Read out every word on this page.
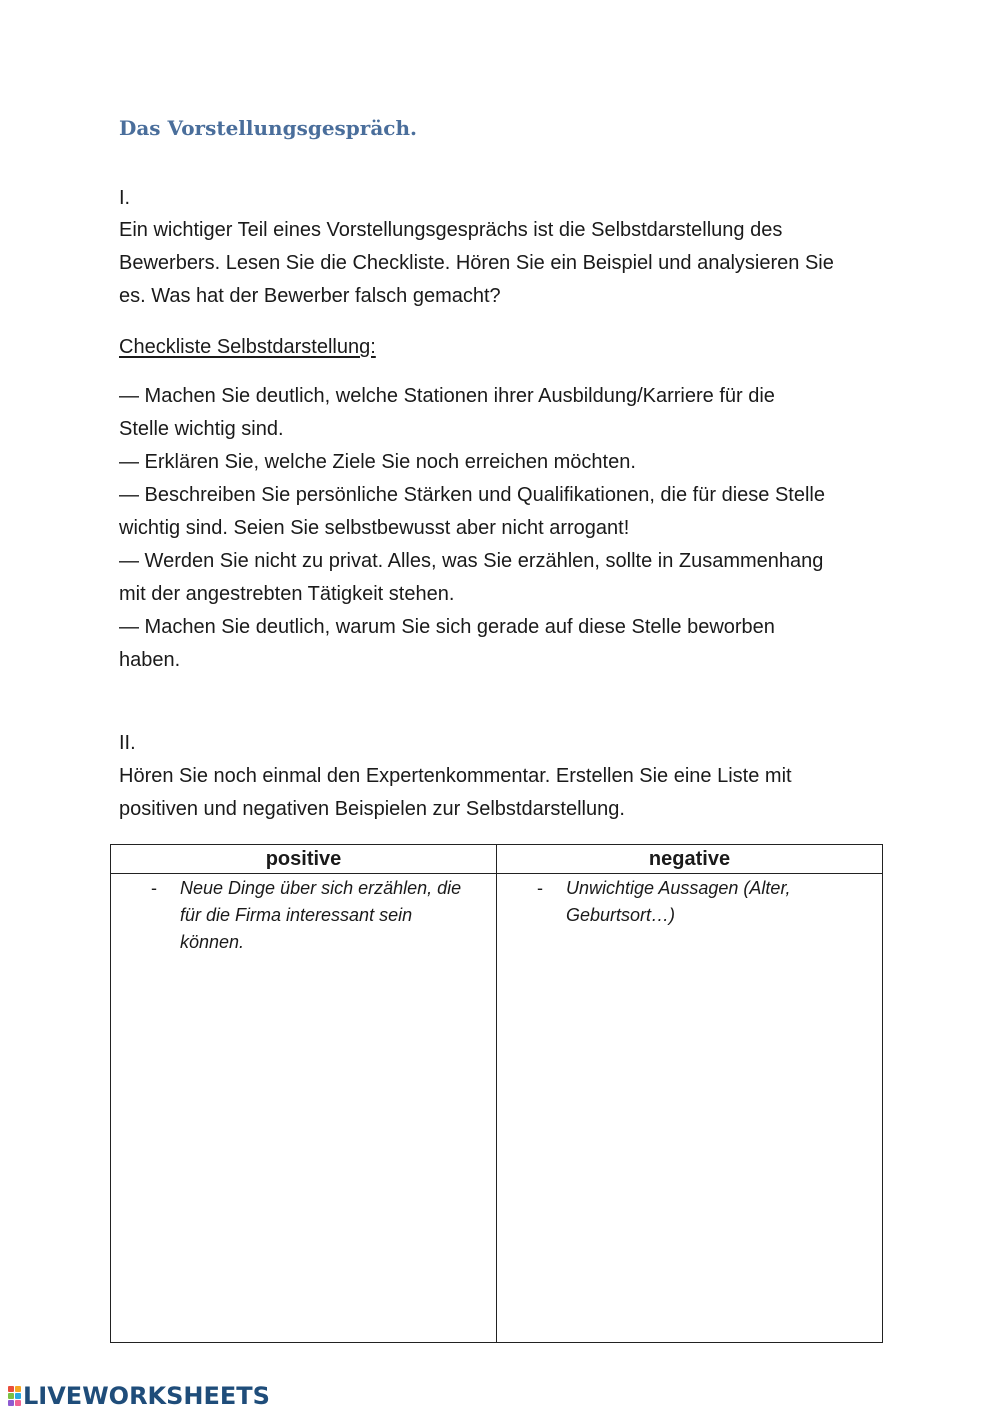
Das Vorstellungsgespräch.

I.

Ein wichtiger Teil eines Vorstellungsgesprächs ist die Selbstdarstellung des

Bewerbers. Lesen Sie die Checkliste. Hören Sie ein Beispiel und analysieren Sie

es. Was hat der Bewerber falsch gemacht?

Checkliste Selbstdarstellung:

— Machen Sie deutlich, welche Stationen ihrer Ausbildung/Karriere für die

Stelle wichtig sind.

— Erklären Sie, welche Ziele Sie noch erreichen möchten.

— Beschreiben Sie persönliche Stärken und Qualifikationen, die für diese Stelle

wichtig sind. Seien Sie selbstbewusst aber nicht arrogant!

— Werden Sie nicht zu privat. Alles, was Sie erzählen, sollte in Zusammenhang

mit der angestrebten Tätigkeit stehen.

— Machen Sie deutlich, warum Sie sich gerade auf diese Stelle beworben

haben.

II.

Hören Sie noch einmal den Expertenkommentar. Erstellen Sie eine Liste mit

positiven und negativen Beispielen zur Selbstdarstellung.

positive	negative

- Neue Dinge über sich erzählen, die
für die Firma interessant sein
können.	- Unwichtige Aussagen (Alter,
Geburtsort…)
LIVEWORKSHEETS
